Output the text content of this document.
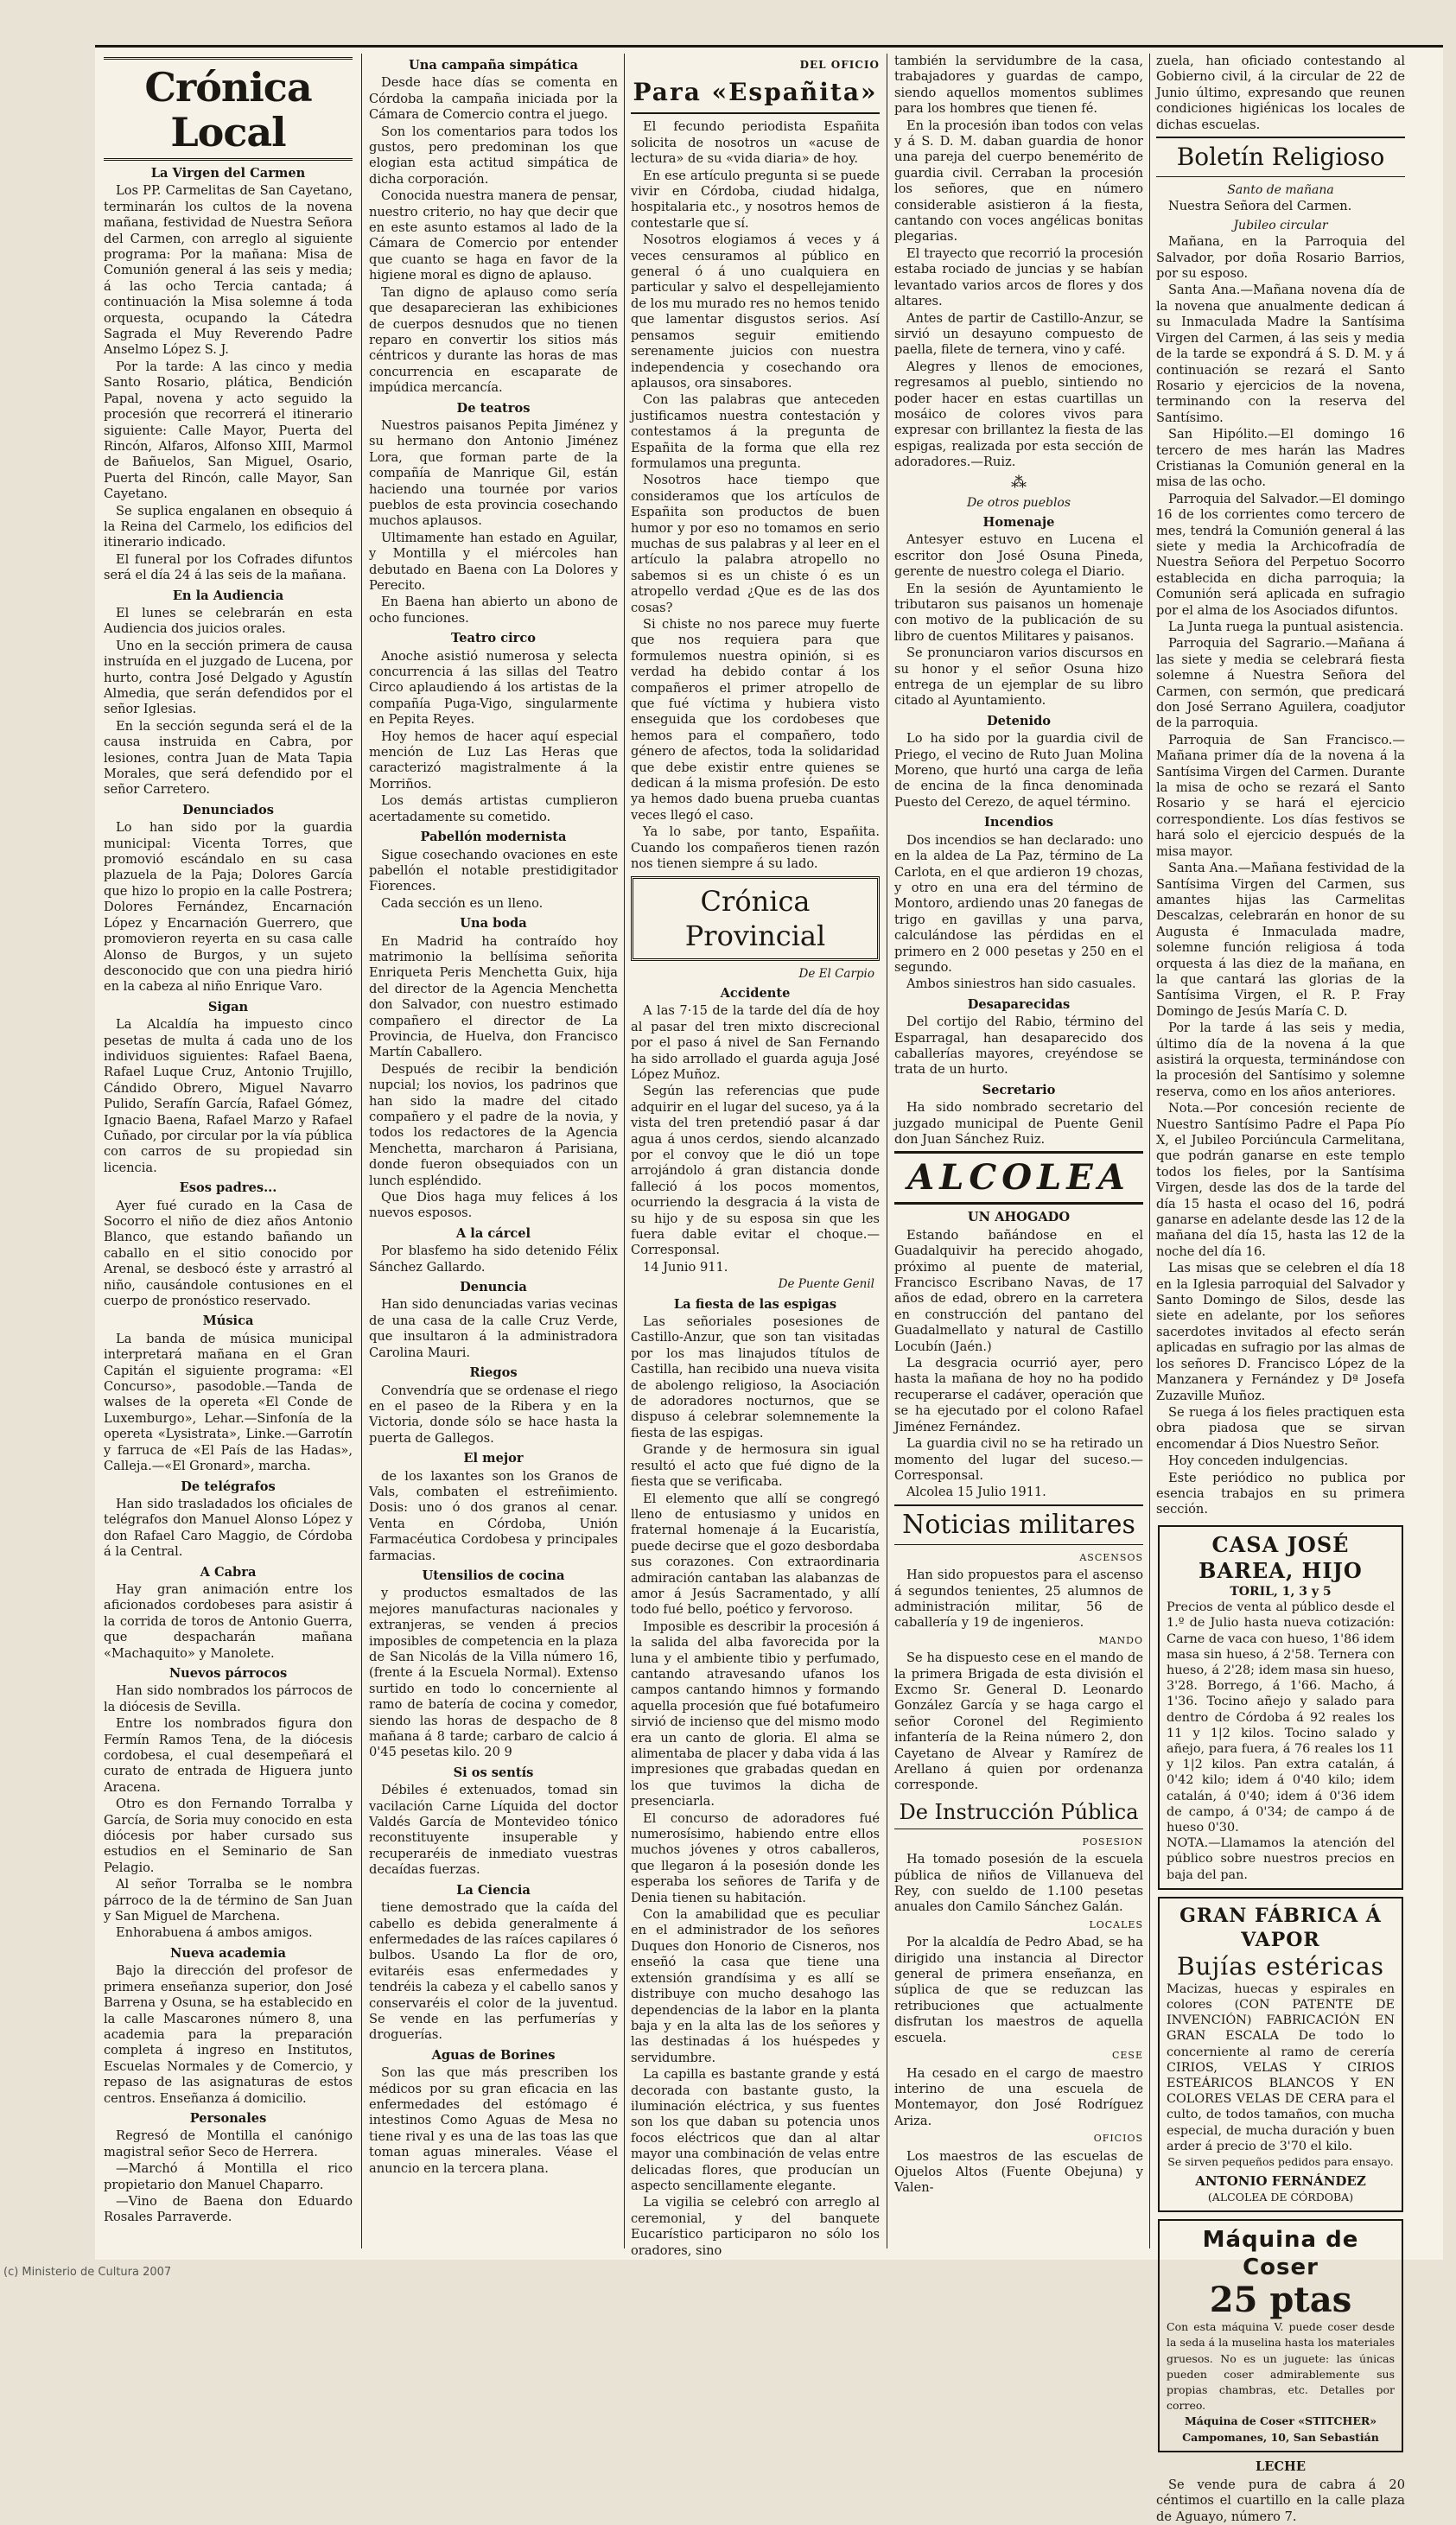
Crónica Local
La Virgen del Carmen

Los PP. Carmelitas de San Cayetano, terminarán los cultos de la novena mañana, festividad de Nuestra Señora del Carmen, con arreglo al siguiente programa: Por la mañana: Misa de Comunión general á las seis y media; á las ocho Tercia cantada; á continuación la Misa solemne á toda orquesta, ocupando la Cátedra Sagrada el Muy Reverendo Padre Anselmo López S. J.

Por la tarde: A las cinco y media Santo Rosario, plática, Bendición Papal, novena y acto seguido la procesión que recorrerá el itinerario siguiente: Calle Mayor, Puerta del Rincón, Alfaros, Alfonso XIII, Marmol de Bañuelos, San Miguel, Osario, Puerta del Rincón, calle Mayor, San Cayetano.

Se suplica engalanen en obsequio á la Reina del Carmelo, los edificios del itinerario indicado.

El funeral por los Cofrades difuntos será el día 24 á las seis de la mañana.

En la Audiencia

El lunes se celebrarán en esta Audiencia dos juicios orales.

Uno en la sección primera de causa instruída en el juzgado de Lucena, por hurto, contra José Delgado y Agustín Almedia, que serán defendidos por el señor Iglesias.

En la sección segunda será el de la causa instruida en Cabra, por lesiones, contra Juan de Mata Tapia Morales, que será defendido por el señor Carretero.

Denunciados

Lo han sido por la guardia municipal: Vicenta Torres, que promovió escándalo en su casa plazuela de la Paja; Dolores García que hizo lo propio en la calle Postrera; Dolores Fernández, Encarnación López y Encarnación Guerrero, que promovieron reyerta en su casa calle Alonso de Burgos, y un sujeto desconocido que con una piedra hirió en la cabeza al niño Enrique Varo.

Sigan

La Alcaldía ha impuesto cinco pesetas de multa á cada uno de los individuos siguientes: Rafael Baena, Rafael Luque Cruz, Antonio Trujillo, Cándido Obrero, Miguel Navarro Pulido, Serafín García, Rafael Gómez, Ignacio Baena, Rafael Marzo y Rafael Cuñado, por circular por la vía pública con carros de su propiedad sin licencia.

Esos padres...

Ayer fué curado en la Casa de Socorro el niño de diez años Antonio Blanco, que estando bañando un caballo en el sitio conocido por Arenal, se desbocó éste y arrastró al niño, causándole contusiones en el cuerpo de pronóstico reservado.

Música

La banda de música municipal interpretará mañana en el Gran Capitán el siguiente programa: «El Concurso», pasodoble.—Tanda de walses de la opereta «El Conde de Luxemburgo», Lehar.—Sinfonía de la opereta «Lysistrata», Linke.—Garrotín y farruca de «El País de las Hadas», Calleja.—«El Gronard», marcha.

De telégrafos

Han sido trasladados los oficiales de telégrafos don Manuel Alonso López y don Rafael Caro Maggio, de Córdoba á la Central.

A Cabra

Hay gran animación entre los aficionados cordobeses para asistir á la corrida de toros de Antonio Guerra, que despacharán mañana «Machaquito» y Manolete.

Nuevos párrocos

Han sido nombrados los párrocos de la diócesis de Sevilla.

Entre los nombrados figura don Fermín Ramos Tena, de la diócesis cordobesa, el cual desempeñará el curato de entrada de Higuera junto Aracena.

Otro es don Fernando Torralba y García, de Soria muy conocido en esta diócesis por haber cursado sus estudios en el Seminario de San Pelagio.

Al señor Torralba se le nombra párroco de la de término de San Juan y San Miguel de Marchena.

Enhorabuena á ambos amigos.

Nueva academia

Bajo la dirección del profesor de primera enseñanza superior, don José Barrena y Osuna, se ha establecido en la calle Mascarones número 8, una academia para la preparación completa á ingreso en Institutos, Escuelas Normales y de Comercio, y repaso de las asignaturas de estos centros. Enseñanza á domicilio.

Personales

Regresó de Montilla el canónigo magistral señor Seco de Herrera.

—Marchó á Montilla el rico propietario don Manuel Chaparro.

—Vino de Baena don Eduardo Rosales Parraverde.

Una campaña simpática

Desde hace días se comenta en Córdoba la campaña iniciada por la Cámara de Comercio contra el juego.

Son los comentarios para todos los gustos, pero predominan los que elogian esta actitud simpática de dicha corporación.

Conocida nuestra manera de pensar, nuestro criterio, no hay que decir que en este asunto estamos al lado de la Cámara de Comercio por entender que cuanto se haga en favor de la higiene moral es digno de aplauso.

Tan digno de aplauso como sería que desaparecieran las exhibiciones de cuerpos desnudos que no tienen reparo en convertir los sitios más céntricos y durante las horas de mas concurrencia en escaparate de impúdica mercancía.

De teatros

Nuestros paisanos Pepita Jiménez y su hermano don Antonio Jiménez Lora, que forman parte de la compañía de Manrique Gil, están haciendo una tournée por varios pueblos de esta provincia cosechando muchos aplausos.

Ultimamente han estado en Aguilar, y Montilla y el miércoles han debutado en Baena con La Dolores y Perecito.

En Baena han abierto un abono de ocho funciones.

Teatro circo

Anoche asistió numerosa y selecta concurrencia á las sillas del Teatro Circo aplaudiendo á los artistas de la compañía Puga-Vigo, singularmente en Pepita Reyes.

Hoy hemos de hacer aquí especial mención de Luz Las Heras que caracterizó magistralmente á la Morriños.

Los demás artistas cumplieron acertadamente su cometido.

Pabellón modernista

Sigue cosechando ovaciones en este pabellón el notable prestidigitador Fiorences.

Cada sección es un lleno.

Una boda

En Madrid ha contraído hoy matrimonio la bellísima señorita Enriqueta Peris Menchetta Guix, hija del director de la Agencia Menchetta don Salvador, con nuestro estimado compañero el director de La Provincia, de Huelva, don Francisco Martín Caballero.

Después de recibir la bendición nupcial; los novios, los padrinos que han sido la madre del citado compañero y el padre de la novia, y todos los redactores de la Agencia Menchetta, marcharon á Parisiana, donde fueron obsequiados con un lunch espléndido.

Que Dios haga muy felices á los nuevos esposos.

A la cárcel

Por blasfemo ha sido detenido Félix Sánchez Gallardo.

Denuncia

Han sido denunciadas varias vecinas de una casa de la calle Cruz Verde, que insultaron á la administradora Carolina Mauri.

Riegos

Convendría que se ordenase el riego en el paseo de la Ribera y en la Victoria, donde sólo se hace hasta la puerta de Gallegos.

El mejor

de los laxantes son los Granos de Vals, combaten el estreñimiento. Dosis: uno ó dos granos al cenar. Venta en Córdoba, Unión Farmacéutica Cordobesa y principales farmacias.

Utensilios de cocina

y productos esmaltados de las mejores manufacturas nacionales y extranjeras, se venden á precios imposibles de competencia en la plaza de San Nicolás de la Villa número 16, (frente á la Escuela Normal). Extenso surtido en todo lo concerniente al ramo de batería de cocina y comedor, siendo las horas de despacho de 8 mañana á 8 tarde; carbaro de calcio á 0'45 pesetas kilo. 20 9

Si os sentís

Débiles é extenuados, tomad sin vacilación Carne Líquida del doctor Valdés García de Montevideo tónico reconstituyente insuperable y recuperaréis de inmediato vuestras decaídas fuerzas.

La Ciencia

tiene demostrado que la caída del cabello es debida generalmente á enfermedades de las raíces capilares ó bulbos. Usando La flor de oro, evitaréis esas enfermedades y tendréis la cabeza y el cabello sanos y conservaréis el color de la juventud. Se vende en las perfumerías y droguerías.

Aguas de Borines

Son las que más prescriben los médicos por su gran eficacia en las enfermedades del estómago é intestinos Como Aguas de Mesa no tiene rival y es una de las toas las que toman aguas minerales. Véase el anuncio en la tercera plana.

DEL OFICIO
Para «Españita»

El fecundo periodista Españita solicita de nosotros un «acuse de lectura» de su «vida diaria» de hoy.

En ese artículo pregunta si se puede vivir en Córdoba, ciudad hidalga, hospitalaria etc., y nosotros hemos de contestarle que sí.

Nosotros elogiamos á veces y á veces censuramos al público en general ó á uno cualquiera en particular y salvo el despellejamiento de los mu murado res no hemos tenido que lamentar disgustos serios. Así pensamos seguir emitiendo serenamente juicios con nuestra independencia y cosechando ora aplausos, ora sinsabores.

Con las palabras que anteceden justificamos nuestra contestación y contestamos á la pregunta de Españita de la forma que ella rez formulamos una pregunta.

Nosotros hace tiempo que consideramos que los artículos de Españita son productos de buen humor y por eso no tomamos en serio muchas de sus palabras y al leer en el artículo la palabra atropello no sabemos si es un chiste ó es un atropello verdad ¿Que es de las dos cosas?

Si chiste no nos parece muy fuerte que nos requiera para que formulemos nuestra opinión, si es verdad ha debido contar á los compañeros el primer atropello de que fué víctima y hubiera visto enseguida que los cordobeses que hemos para el compañero, todo género de afectos, toda la solidaridad que debe existir entre quienes se dedican á la misma profesión. De esto ya hemos dado buena prueba cuantas veces llegó el caso.

Ya lo sabe, por tanto, Españita. Cuando los compañeros tienen razón nos tienen siempre á su lado.

Crónica Provincial
De El Carpio
Accidente

A las 7·15 de la tarde del día de hoy al pasar del tren mixto discrecional por el paso á nivel de San Fernando ha sido arrollado el guarda aguja José López Muñoz.

Según las referencias que pude adquirir en el lugar del suceso, ya á la vista del tren pretendió pasar á dar agua á unos cerdos, siendo alcanzado por el convoy que le dió un tope arrojándolo á gran distancia donde falleció á los pocos momentos, ocurriendo la desgracia á la vista de su hijo y de su esposa sin que les fuera dable evitar el choque.—Corresponsal.

14 Junio 911.

De Puente Genil
La fiesta de las espigas

Las señoriales posesiones de Castillo-Anzur, que son tan visitadas por los mas linajudos títulos de Castilla, han recibido una nueva visita de abolengo religioso, la Asociación de adoradores nocturnos, que se dispuso á celebrar solemnemente la fiesta de las espigas.

Grande y de hermosura sin igual resultó el acto que fué digno de la fiesta que se verificaba.

El elemento que allí se congregó lleno de entusiasmo y unidos en fraternal homenaje á la Eucaristía, puede decirse que el gozo desbordaba sus corazones. Con extraordinaria admiración cantaban las alabanzas de amor á Jesús Sacramentado, y allí todo fué bello, poético y fervoroso.

Imposible es describir la procesión á la salida del alba favorecida por la luna y el ambiente tibio y perfumado, cantando atravesando ufanos los campos cantando himnos y formando aquella procesión que fué botafumeiro sirvió de incienso que del mismo modo era un canto de gloria. El alma se alimentaba de placer y daba vida á las impresiones que grabadas quedan en los que tuvimos la dicha de presenciarla.

El concurso de adoradores fué numerosísimo, habiendo entre ellos muchos jóvenes y otros caballeros, que llegaron á la posesión donde les esperaba los señores de Tarifa y de Denia tienen su habitación.

Con la amabilidad que es peculiar en el administrador de los señores Duques don Honorio de Cisneros, nos enseñó la casa que tiene una extensión grandísima y es allí se distribuye con mucho desahogo las dependencias de la labor en la planta baja y en la alta las de los señores y las destinadas á los huéspedes y servidumbre.

La capilla es bastante grande y está decorada con bastante gusto, la iluminación eléctrica, y sus fuentes son los que daban su potencia unos focos eléctricos que dan al altar mayor una combinación de velas entre delicadas flores, que producían un aspecto sencillamente elegante.

La vigilia se celebró con arreglo al ceremonial, y del banquete Eucarístico participaron no sólo los oradores, sino

también la servidumbre de la casa, trabajadores y guardas de campo, siendo aquellos momentos sublimes para los hombres que tienen fé.

En la procesión iban todos con velas y á S. D. M. daban guardia de honor una pareja del cuerpo benemérito de guardia civil. Cerraban la procesión los señores, que en número considerable asistieron á la fiesta, cantando con voces angélicas bonitas plegarias.

El trayecto que recorrió la procesión estaba rociado de juncias y se habían levantado varios arcos de flores y dos altares.

Antes de partir de Castillo-Anzur, se sirvió un desayuno compuesto de paella, filete de ternera, vino y café.

Alegres y llenos de emociones, regresamos al pueblo, sintiendo no poder hacer en estas cuartillas un mosáico de colores vivos para expresar con brillantez la fiesta de las espigas, realizada por esta sección de adoradores.—Ruiz.

⁂
De otros pueblos
Homenaje

Antesyer estuvo en Lucena el escritor don José Osuna Pineda, gerente de nuestro colega el Diario.

En la sesión de Ayuntamiento le tributaron sus paisanos un homenaje con motivo de la publicación de su libro de cuentos Militares y paisanos.

Se pronunciaron varios discursos en su honor y el señor Osuna hizo entrega de un ejemplar de su libro citado al Ayuntamiento.

Detenido

Lo ha sido por la guardia civil de Priego, el vecino de Ruto Juan Molina Moreno, que hurtó una carga de leña de encina de la finca denominada Puesto del Cerezo, de aquel término.

Incendios

Dos incendios se han declarado: uno en la aldea de La Paz, término de La Carlota, en el que ardieron 19 chozas, y otro en una era del término de Montoro, ardiendo unas 20 fanegas de trigo en gavillas y una parva, calculándose las pérdidas en el primero en 2 000 pesetas y 250 en el segundo.

Ambos siniestros han sido casuales.

Desaparecidas

Del cortijo del Rabio, término del Esparragal, han desaparecido dos caballerías mayores, creyéndose se trata de un hurto.

Secretario

Ha sido nombrado secretario del juzgado municipal de Puente Genil don Juan Sánchez Ruiz.

ALCOLEA
UN AHOGADO

Estando bañándose en el Guadalquivir ha perecido ahogado, próximo al puente de material, Francisco Escribano Navas, de 17 años de edad, obrero en la carretera en construcción del pantano del Guadalmellato y natural de Castillo Locubín (Jaén.)

La desgracia ocurrió ayer, pero hasta la mañana de hoy no ha podido recuperarse el cadáver, operación que se ha ejecutado por el colono Rafael Jiménez Fernández.

La guardia civil no se ha retirado un momento del lugar del suceso.—Corresponsal.

Alcolea 15 Julio 1911.

Noticias militares
ASCENSOS

Han sido propuestos para el ascenso á segundos tenientes, 25 alumnos de administración militar, 56 de caballería y 19 de ingenieros.

MANDO

Se ha dispuesto cese en el mando de la primera Brigada de esta división el Excmo Sr. General D. Leonardo González García y se haga cargo el señor Coronel del Regimiento infantería de la Reina número 2, don Cayetano de Alvear y Ramírez de Arellano á quien por ordenanza corresponde.

De Instrucción Pública
POSESION

Ha tomado posesión de la escuela pública de niños de Villanueva del Rey, con sueldo de 1.100 pesetas anuales don Camilo Sánchez Galán.

LOCALES

Por la alcaldía de Pedro Abad, se ha dirigido una instancia al Director general de primera enseñanza, en súplica de que se reduzcan las retribuciones que actualmente disfrutan los maestros de aquella escuela.

CESE

Ha cesado en el cargo de maestro interino de una escuela de Montemayor, don José Rodríguez Ariza.

OFICIOS

Los maestros de las escuelas de Ojuelos Altos (Fuente Obejuna) y Valen-

zuela, han oficiado contestando al Gobierno civil, á la circular de 22 de Junio último, expresando que reunen condiciones higiénicas los locales de dichas escuelas.

Boletín Religioso
Santo de mañana

Nuestra Señora del Carmen.

Jubileo circular

Mañana, en la Parroquia del Salvador, por doña Rosario Barrios, por su esposo.

Santa Ana.—Mañana novena día de la novena que anualmente dedican á su Inmaculada Madre la Santísima Virgen del Carmen, á las seis y media de la tarde se expondrá á S. D. M. y á continuación se rezará el Santo Rosario y ejercicios de la novena, terminando con la reserva del Santísimo.

San Hipólito.—El domingo 16 tercero de mes harán las Madres Cristianas la Comunión general en la misa de las ocho.

Parroquia del Salvador.—El domingo 16 de los corrientes como tercero de mes, tendrá la Comunión general á las siete y media la Archicofradía de Nuestra Señora del Perpetuo Socorro establecida en dicha parroquia; la Comunión será aplicada en sufragio por el alma de los Asociados difuntos.

La Junta ruega la puntual asistencia.

Parroquia del Sagrario.—Mañana á las siete y media se celebrará fiesta solemne á Nuestra Señora del Carmen, con sermón, que predicará don José Serrano Aguilera, coadjutor de la parroquia.

Parroquia de San Francisco.—Mañana primer día de la novena á la Santísima Virgen del Carmen. Durante la misa de ocho se rezará el Santo Rosario y se hará el ejercicio correspondiente. Los días festivos se hará solo el ejercicio después de la misa mayor.

Santa Ana.—Mañana festividad de la Santísima Virgen del Carmen, sus amantes hijas las Carmelitas Descalzas, celebrarán en honor de su Augusta é Inmaculada madre, solemne función religiosa á toda orquesta á las diez de la mañana, en la que cantará las glorias de la Santísima Virgen, el R. P. Fray Domingo de Jesús María C. D.

Por la tarde á las seis y media, último día de la novena á la que asistirá la orquesta, terminándose con la procesión del Santísimo y solemne reserva, como en los años anteriores.

Nota.—Por concesión reciente de Nuestro Santísimo Padre el Papa Pío X, el Jubileo Porciúncula Carmelitana, que podrán ganarse en este templo todos los fieles, por la Santísima Virgen, desde las dos de la tarde del día 15 hasta el ocaso del 16, podrá ganarse en adelante desde las 12 de la mañana del día 15, hasta las 12 de la noche del día 16.

Las misas que se celebren el día 18 en la Iglesia parroquial del Salvador y Santo Domingo de Silos, desde las siete en adelante, por los señores sacerdotes invitados al efecto serán aplicadas en sufragio por las almas de los señores D. Francisco López de la Manzanera y Fernández y Dª Josefa Zuzaville Muñoz.

Se ruega á los fieles practiquen esta obra piadosa que se sirvan encomendar á Dios Nuestro Señor.

Hoy conceden indulgencias.

Este periódico no publica por esencia trabajos en su primera sección.

CASA JOSÉ BAREA, HIJO
TORIL, 1, 3 y 5
Precios de venta al público desde el 1.º de Julio hasta nueva cotización: Carne de vaca con hueso, 1'86 idem masa sin hueso, á 2'58. Ternera con hueso, á 2'28; idem masa sin hueso, 3'28. Borrego, á 1'66. Macho, á 1'36. Tocino añejo y salado para dentro de Córdoba á 92 reales los 11 y 1|2 kilos. Tocino salado y añejo, para fuera, á 76 reales los 11 y 1|2 kilos. Pan extra catalán, á 0'42 kilo; idem á 0'40 kilo; idem catalán, á 0'40; idem á 0'36 idem de campo, á 0'34; de campo á de hueso 0'30.
NOTA.—Llamamos la atención del público sobre nuestros precios en baja del pan.
GRAN FÁBRICA Á VAPOR
Bujías estéricas
Macizas, huecas y espirales en colores (CON PATENTE DE INVENCIÓN) FABRICACIÓN EN GRAN ESCALA De todo lo concerniente al ramo de cerería CIRIOS, VELAS Y CIRIOS ESTEÁRICOS BLANCOS Y EN COLORES VELAS DE CERA para el culto, de todos tamaños, con mucha especial, de mucha duración y buen arder á precio de 3'70 el kilo.
Se sirven pequeños pedidos para ensayo.
ANTONIO FERNÁNDEZ
(ALCOLEA DE CÓRDOBA)
Máquina de Coser
25 ptas
Con esta máquina V. puede coser desde la seda á la muselina hasta los materiales gruesos. No es un juguete: las únicas pueden coser admirablemente sus propias chambras, etc. Detalles por correo.
Máquina de Coser «STITCHER» Campomanes, 10, San Sebastián
LECHE

Se vende pura de cabra á 20 céntimos el cuartillo en la calle plaza de Aguayo, número 7.

(c) Ministerio de Cultura 2007
